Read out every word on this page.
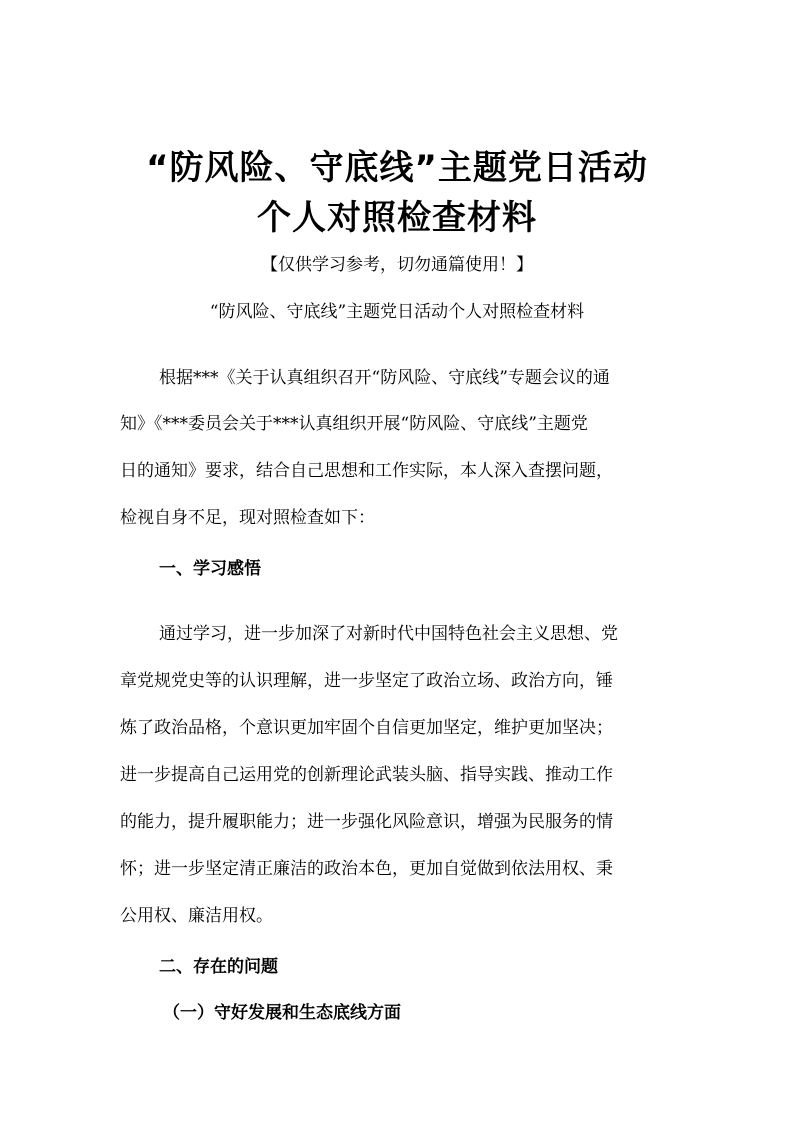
“防风险、守底线”主题党日活动
个人对照检查材料
【仅供学习参考，切勿通篇使用！】
“防风险、守底线”主题党日活动个人对照检查材料
根据***《关于认真组织召开“防风险、守底线”专题会议的通
知》《***委员会关于***认真组织开展“防风险、守底线”主题党
日的通知》要求，结合自己思想和工作实际，本人深入查摆问题，
检视自身不足，现对照检查如下：
一、学习感悟
通过学习，进一步加深了对新时代中国特色社会主义思想、党
章党规党史等的认识理解，进一步坚定了政治立场、政治方向，锤
炼了政治品格，个意识更加牢固个自信更加坚定，维护更加坚决；
进一步提高自己运用党的创新理论武装头脑、指导实践、推动工作
的能力，提升履职能力；进一步强化风险意识，增强为民服务的情
怀；进一步坚定清正廉洁的政治本色，更加自觉做到依法用权、秉
公用权、廉洁用权。
二、存在的问题
（一）守好发展和生态底线方面
